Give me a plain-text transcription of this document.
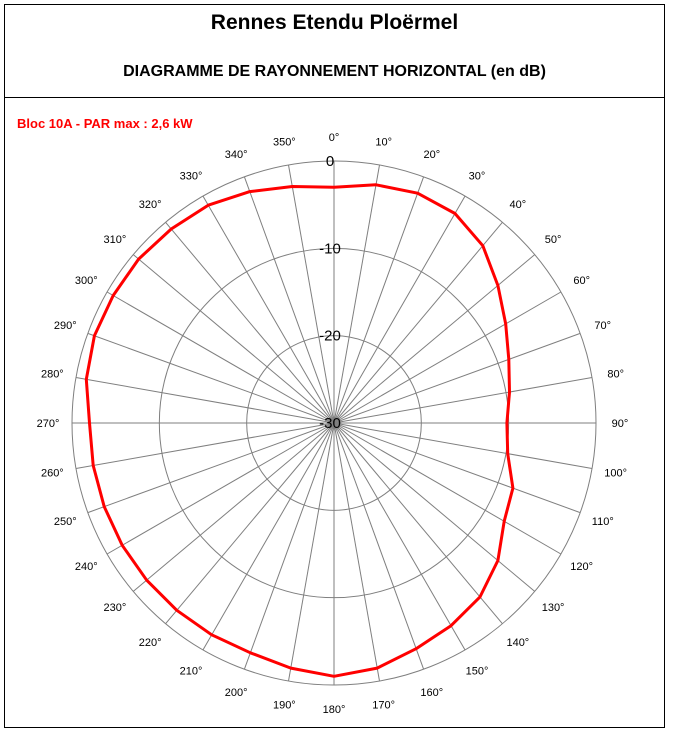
Rennes Etendu Ploërmel
DIAGRAMME DE RAYONNEMENT HORIZONTAL (en dB)
Bloc 10A - PAR max : 2,6 kW
0
-10
-20
-30
0°	10°
20°
30°
40°
50°
60°
70°
80°
90°
100°
110°
120°
130°
140°
150°
160°
170°
180°
190°
200°
210°
220°
230°
240°
250°
260°
270°
280°
290°
300°
310°
320°
330°
340°
350°
